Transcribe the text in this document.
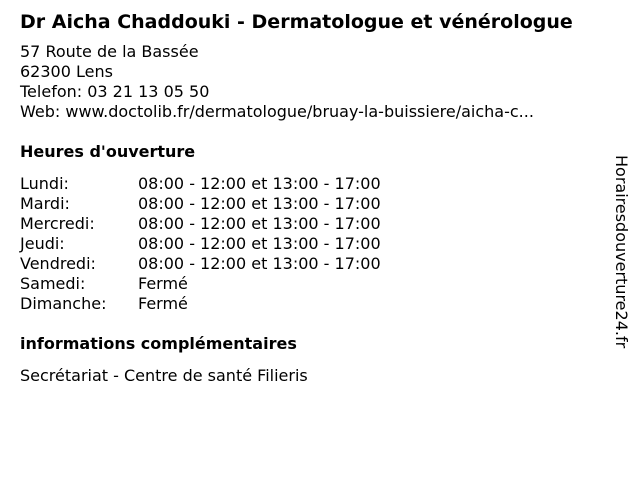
Dr Aicha Chaddouki - Dermatologue et vénérologue
57 Route de la Bassée
62300 Lens
Telefon: 03 21 13 05 50
Web: www.doctolib.fr/dermatologue/bruay-la-buissiere/aicha-c...
Heures d'ouverture
Lundi:	08:00 - 12:00 et 13:00 - 17:00
Mardi:	08:00 - 12:00 et 13:00 - 17:00
Mercredi:	08:00 - 12:00 et 13:00 - 17:00
Jeudi:	08:00 - 12:00 et 13:00 - 17:00
Vendredi:	08:00 - 12:00 et 13:00 - 17:00
Samedi:	Fermé
Dimanche:	Fermé
informations complémentaires
Secrétariat - Centre de santé Filieris
Horairesdouverture24.fr
